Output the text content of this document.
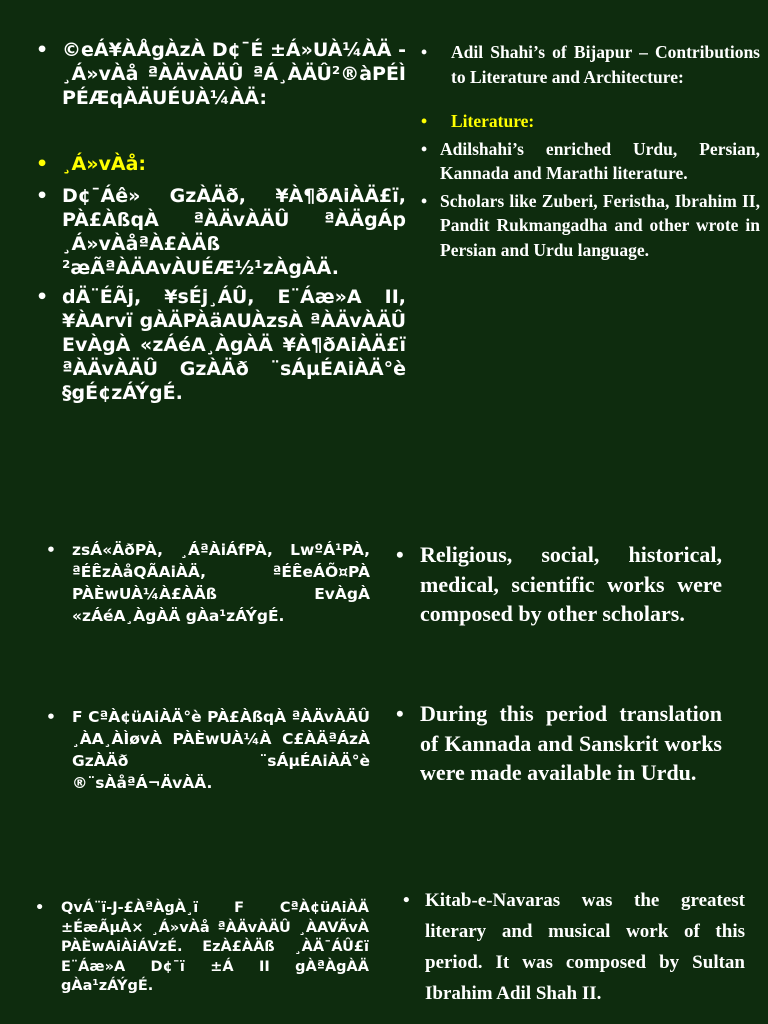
• ©eÁ¥ÀÅgÀzÀ D¢¯É ±Á»UÀ¼ÀÄ - ¸Á»vÀå ªÀÄvÀÄÛ ªÁ¸ÀÄÛ²®àPÉÌ PÉÆqÀÄUÉUÀ¼ÀÄ:
• ¸Á»vÀå:
• D¢¯Áê» GzÀÄð, ¥À¶ðAiÀÄ£ï, PÀ£ÀßqÀ ªÀÄvÀÄÛ ªÀÄgÁp ¸Á»vÀåªÀ£ÀÄß ²æÃªÀÄAvÀUÉÆ½¹zÀgÀÄ.
• dÄ¨ÉÃj, ¥sÉj¸ÁÛ, E¨Áæ»A II, ¥ÀArvï gÀÄPÀäAUÀzsÀ ªÀÄvÀÄÛ EvÀgÀ «zÁéA¸ÀgÀÄ ¥À¶ðAiÀÄ£ï ªÀÄvÀÄÛ GzÀÄð ¨sÁµÉAiÀÄ°è §gÉ¢zÁÝgÉ.
• Adil Shahi’s of Bijapur – Contributions to Literature and Architecture:
• Literature:
• Adilshahi’s enriched Urdu, Persian, Kannada and Marathi literature.
• Scholars like Zuberi, Feristha, Ibrahim II, Pandit Rukmangadha and other wrote in Persian and Urdu language.
• zsÁ«ÄðPÀ, ¸ÁªÀiÁfPÀ, LwºÁ¹PÀ, ªÉÊzÀåQÃAiÀÄ, ªÉÊeÁÕ¤PÀ PÀÈwUÀ¼À£ÀÄß EvÀgÀ «zÁéA¸ÀgÀÄ gÀa¹zÁÝgÉ.
• Religious, social, historical, medical, scientific works were composed by other scholars.
• F CªÀ¢üAiÀÄ°è PÀ£ÀßqÀ ªÀÄvÀÄÛ ¸ÀA¸ÀÌøvÀ PÀÈwUÀ¼À C£ÀÄªÁzÀ GzÀÄð ¨sÁµÉAiÀÄ°è ®¨sÀåªÁ¬ÄvÀÄ.
• During this period translation of Kannada and Sanskrit works were made available in Urdu.
• QvÁ¨ï-J-£ÀªÀgÀ¸ï F CªÀ¢üAiÀÄ ±ÉæÃµÀ× ¸Á»vÀå ªÀÄvÀÄÛ ¸ÀAVÃvÀ PÀÈwAiÀiÁVzÉ. EzÀ£ÀÄß ¸ÀÄ¯ÁÛ£ï E¨Áæ»A D¢¯ï ±Á II gÀªÀgÀÄ gÀa¹zÁÝgÉ.
• Kitab-e-Navaras was the greatest literary and musical work of this period. It was composed by Sultan Ibrahim Adil Shah II.
